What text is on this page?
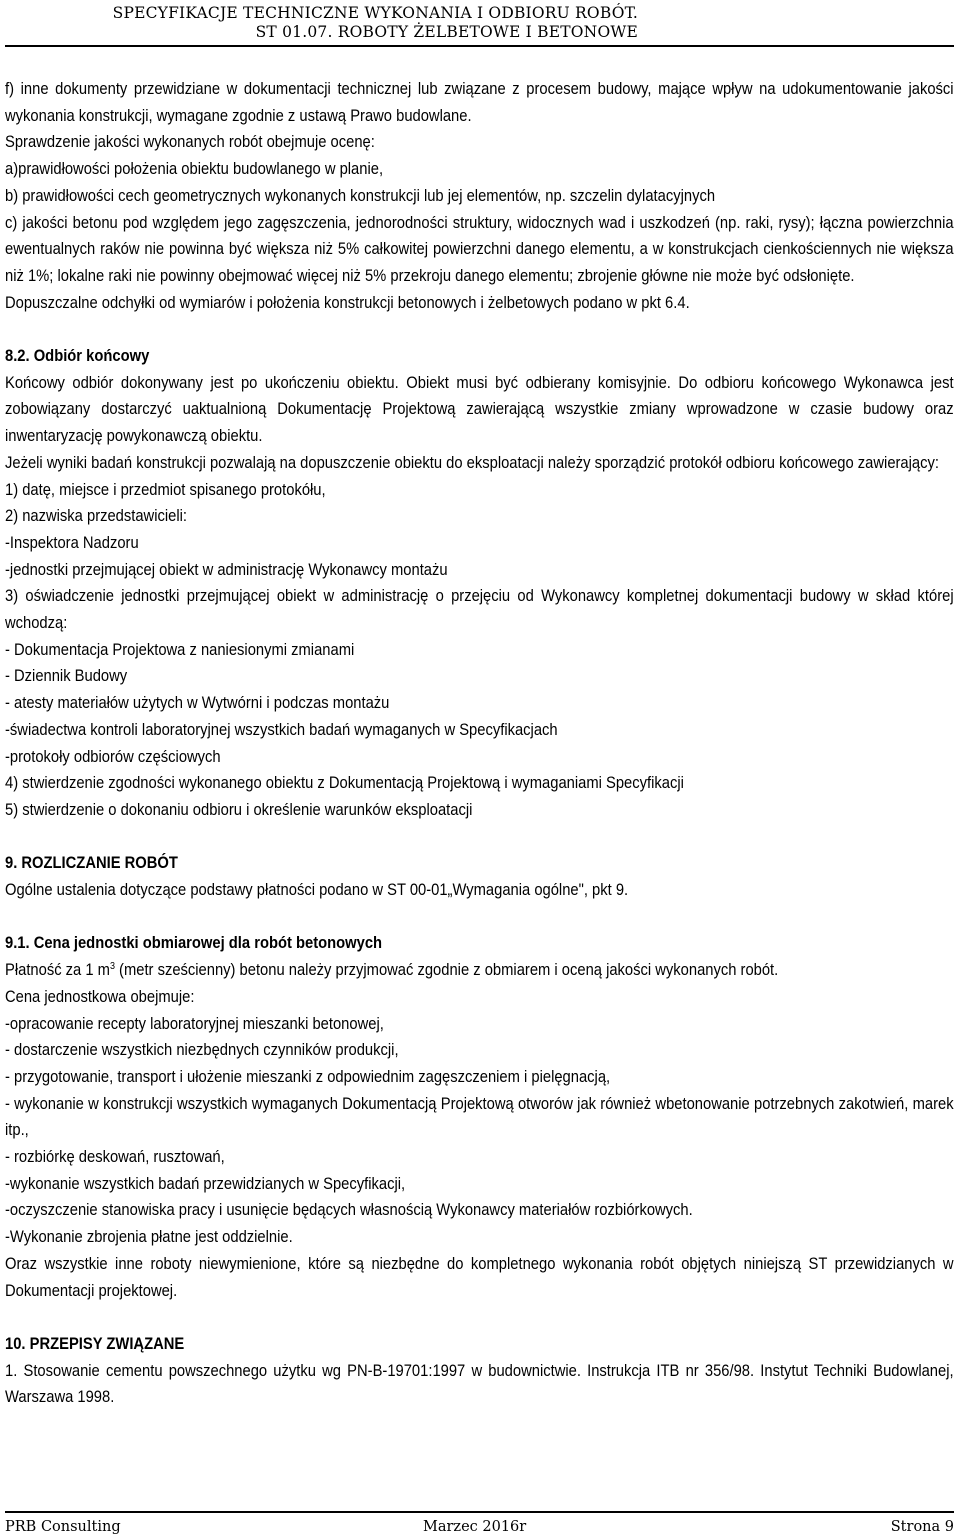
SPECYFIKACJE TECHNICZNE WYKONANIA I ODBIORU ROBÓT.
ST 01.07. ROBOTY ŻELBETOWE I BETONOWE

f) inne dokumenty przewidziane w dokumentacji technicznej lub związane z procesem budowy, mające wpływ na udokumentowanie jakości wykonania konstrukcji, wymagane zgodnie z ustawą Prawo budowlane.

Sprawdzenie jakości wykonanych robót obejmuje ocenę:

a)prawidłowości położenia obiektu budowlanego w planie,

b) prawidłowości cech geometrycznych wykonanych konstrukcji lub jej elementów, np. szczelin dylatacyjnych

c) jakości betonu pod względem jego zagęszczenia, jednorodności struktury, widocznych wad i uszkodzeń (np. raki, rysy); łączna powierzchnia ewentualnych raków nie powinna być większa niż 5% całkowitej powierzchni danego elementu, a w konstrukcjach cienkościennych nie większa niż 1%; lokalne raki nie powinny obejmować więcej niż 5% przekroju danego elementu; zbrojenie główne nie może być odsłonięte.

Dopuszczalne odchyłki od wymiarów i położenia konstrukcji betonowych i żelbetowych podano w pkt 6.4.

8.2. Odbiór końcowy

Końcowy odbiór dokonywany jest po ukończeniu obiektu. Obiekt musi być odbierany komisyjnie. Do odbioru końcowego Wykonawca jest zobowiązany dostarczyć uaktualnioną Dokumentację Projektową zawierającą wszystkie zmiany wprowadzone w czasie budowy oraz inwentaryzację powykonawczą obiektu.

Jeżeli wyniki badań konstrukcji pozwalają na dopuszczenie obiektu do eksploatacji należy sporządzić protokół odbioru końcowego zawierający:

1) datę, miejsce i przedmiot spisanego protokółu,

2) nazwiska przedstawicieli:

-Inspektora Nadzoru

-jednostki przejmującej obiekt w administrację Wykonawcy montażu

3) oświadczenie jednostki przejmującej obiekt w administrację o przejęciu od Wykonawcy kompletnej dokumentacji budowy w skład której wchodzą:

- Dokumentacja Projektowa z naniesionymi zmianami

- Dziennik Budowy

- atesty materiałów użytych w Wytwórni i podczas montażu

-świadectwa kontroli laboratoryjnej wszystkich badań wymaganych w Specyfikacjach

-protokoły odbiorów częściowych

4) stwierdzenie zgodności wykonanego obiektu z Dokumentacją Projektową i wymaganiami Specyfikacji

5) stwierdzenie o dokonaniu odbioru i określenie warunków eksploatacji

9. ROZLICZANIE ROBÓT

Ogólne ustalenia dotyczące podstawy płatności podano w ST 00-01„Wymagania ogólne", pkt 9.

9.1. Cena jednostki obmiarowej dla robót betonowych

Płatność za 1 $m^3$ (metr sześcienny) betonu należy przyjmować zgodnie z obmiarem i oceną jakości wykonanych robót.

Cena jednostkowa obejmuje:

-opracowanie recepty laboratoryjnej mieszanki betonowej,

- dostarczenie wszystkich niezbędnych czynników produkcji,

- przygotowanie, transport i ułożenie mieszanki z odpowiednim zagęszczeniem i pielęgnacją,

- wykonanie w konstrukcji wszystkich wymaganych Dokumentacją Projektową otworów jak również wbetonowanie potrzebnych zakotwień, marek itp.,

- rozbiórkę deskowań, rusztowań,

-wykonanie wszystkich badań przewidzianych w Specyfikacji,

-oczyszczenie stanowiska pracy i usunięcie będących własnością Wykonawcy materiałów rozbiórkowych.

-Wykonanie zbrojenia płatne jest oddzielnie.

Oraz wszystkie inne roboty niewymienione, które są niezbędne do kompletnego wykonania robót objętych niniejszą ST przewidzianych w Dokumentacji projektowej.

10. PRZEPISY ZWIĄZANE

1. Stosowanie cementu powszechnego użytku wg PN-B-19701:1997 w budownictwie. Instrukcja ITB nr 356/98. Instytut Techniki Budowlanej, Warszawa 1998.

PRB Consulting	Marzec 2016r	Strona 9
